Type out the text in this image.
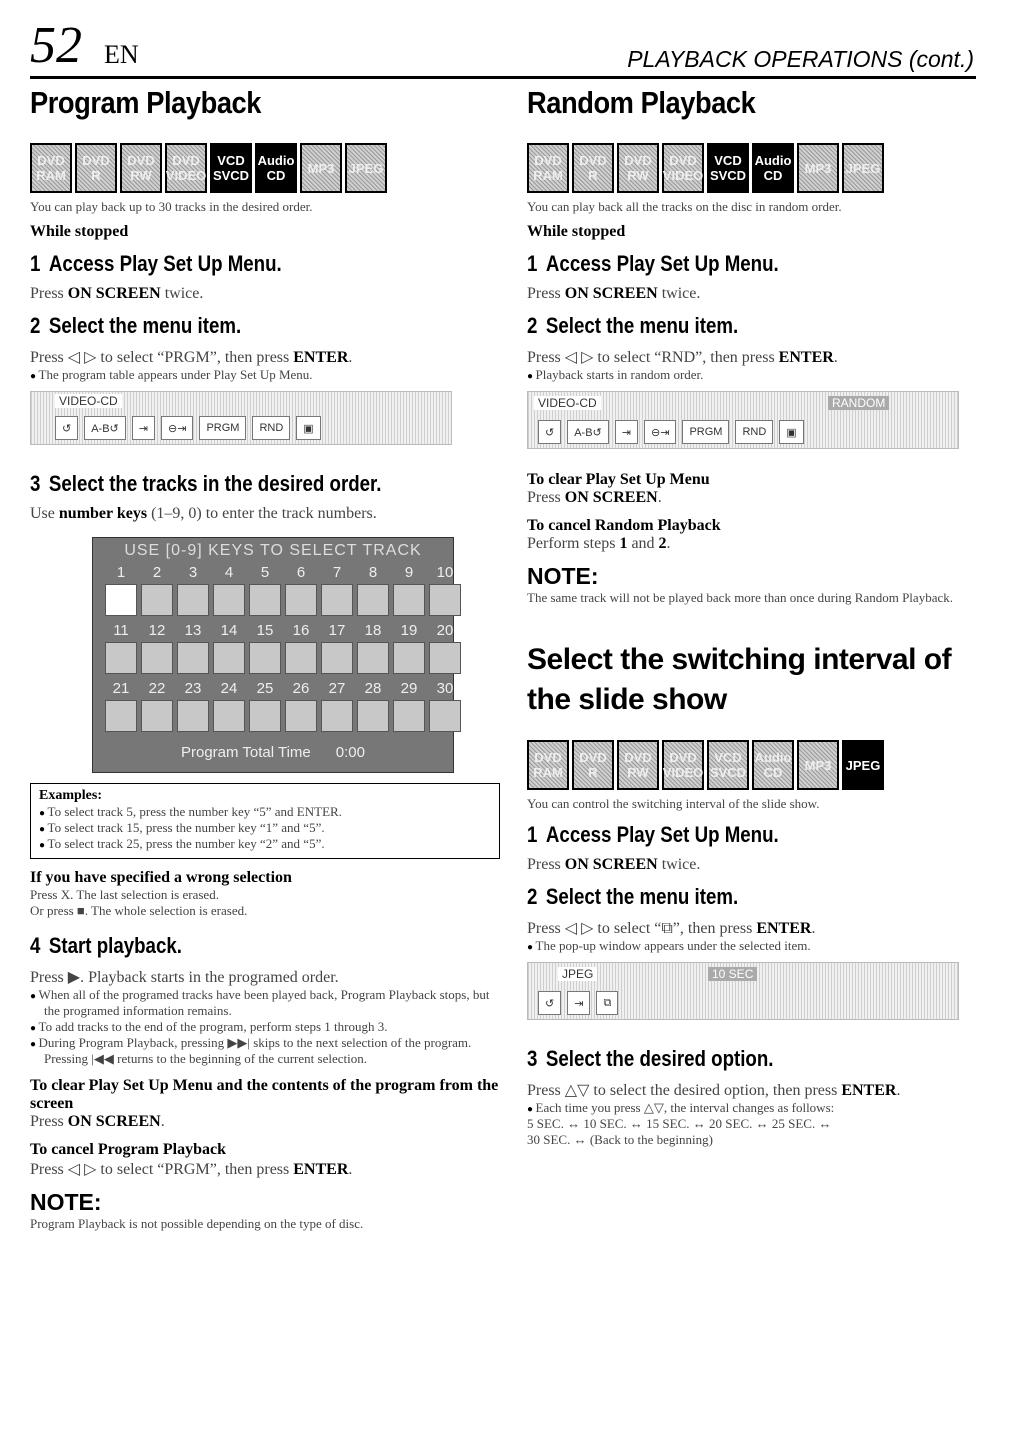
52 EN	PLAYBACK OPERATIONS (cont.)
Program Playback
DVD RAM
DVD R
DVD RW
DVD VIDEO
VCD SVCD
Audio CD	MP3	JPEG

You can play back up to 30 tracks in the desired order.

While stopped

1 Access Play Set Up Menu.

Press ON SCREEN twice.

2 Select the menu item.

Press ◁ ▷ to select “PRGM”, then press ENTER.

● The program table appears under Play Set Up Menu.

VIDEO-CD
↺	A-B↺	⇥	⊖⇥	PRGM	RND	▣
3 Select the tracks in the desired order.

Use number keys (1–9, 0) to enter the track numbers.

USE [0-9] KEYS TO SELECT TRACK
1	2	3	4	5	6	7	8	9	10
11	12	13	14	15	16	17	18	19	20
21	22	23	24	25	26	27	28	29	30
Program Total Time 0:00

Examples:

● To select track 5, press the number key “5” and ENTER.

● To select track 15, press the number key “1” and “5”.

● To select track 25, press the number key “2” and “5”.

If you have specified a wrong selection

Press X. The last selection is erased.

Or press ■. The whole selection is erased.

4 Start playback.

Press ▶. Playback starts in the programed order.

● When all of the programed tracks have been played back, Program Playback stops, but the programed information remains.

● To add tracks to the end of the program, perform steps 1 through 3.

● During Program Playback, pressing ▶▶| skips to the next selection of the program. Pressing |◀◀ returns to the beginning of the current selection.

To clear Play Set Up Menu and the contents of the program from the screen

Press ON SCREEN.

To cancel Program Playback

Press ◁ ▷ to select “PRGM”, then press ENTER.

NOTE:

Program Playback is not possible depending on the type of disc.

Random Playback
DVD RAM
DVD R
DVD RW
DVD VIDEO
VCD SVCD
Audio CD	MP3	JPEG

You can play back all the tracks on the disc in random order.

While stopped

1 Access Play Set Up Menu.

Press ON SCREEN twice.

2 Select the menu item.

Press ◁ ▷ to select “RND”, then press ENTER.

● Playback starts in random order.

VIDEO-CD	RANDOM
↺	A-B↺	⇥	⊖⇥	PRGM	RND	▣

To clear Play Set Up Menu

Press ON SCREEN.

To cancel Random Playback

Perform steps 1 and 2.

NOTE:

The same track will not be played back more than once during Random Playback.

Select the switching interval of the slide show
DVD RAM
DVD R
DVD RW
DVD VIDEO
VCD SVCD
Audio CD	MP3	JPEG

You can control the switching interval of the slide show.

1 Access Play Set Up Menu.

Press ON SCREEN twice.

2 Select the menu item.

Press ◁ ▷ to select “⧉”, then press ENTER.

● The pop-up window appears under the selected item.

JPEG	10 SEC
↺	⇥	⧉
3 Select the desired option.

Press △▽ to select the desired option, then press ENTER.

● Each time you press △▽, the interval changes as follows:

5 SEC. ↔ 10 SEC. ↔ 15 SEC. ↔ 20 SEC. ↔ 25 SEC. ↔

30 SEC. ↔ (Back to the beginning)
